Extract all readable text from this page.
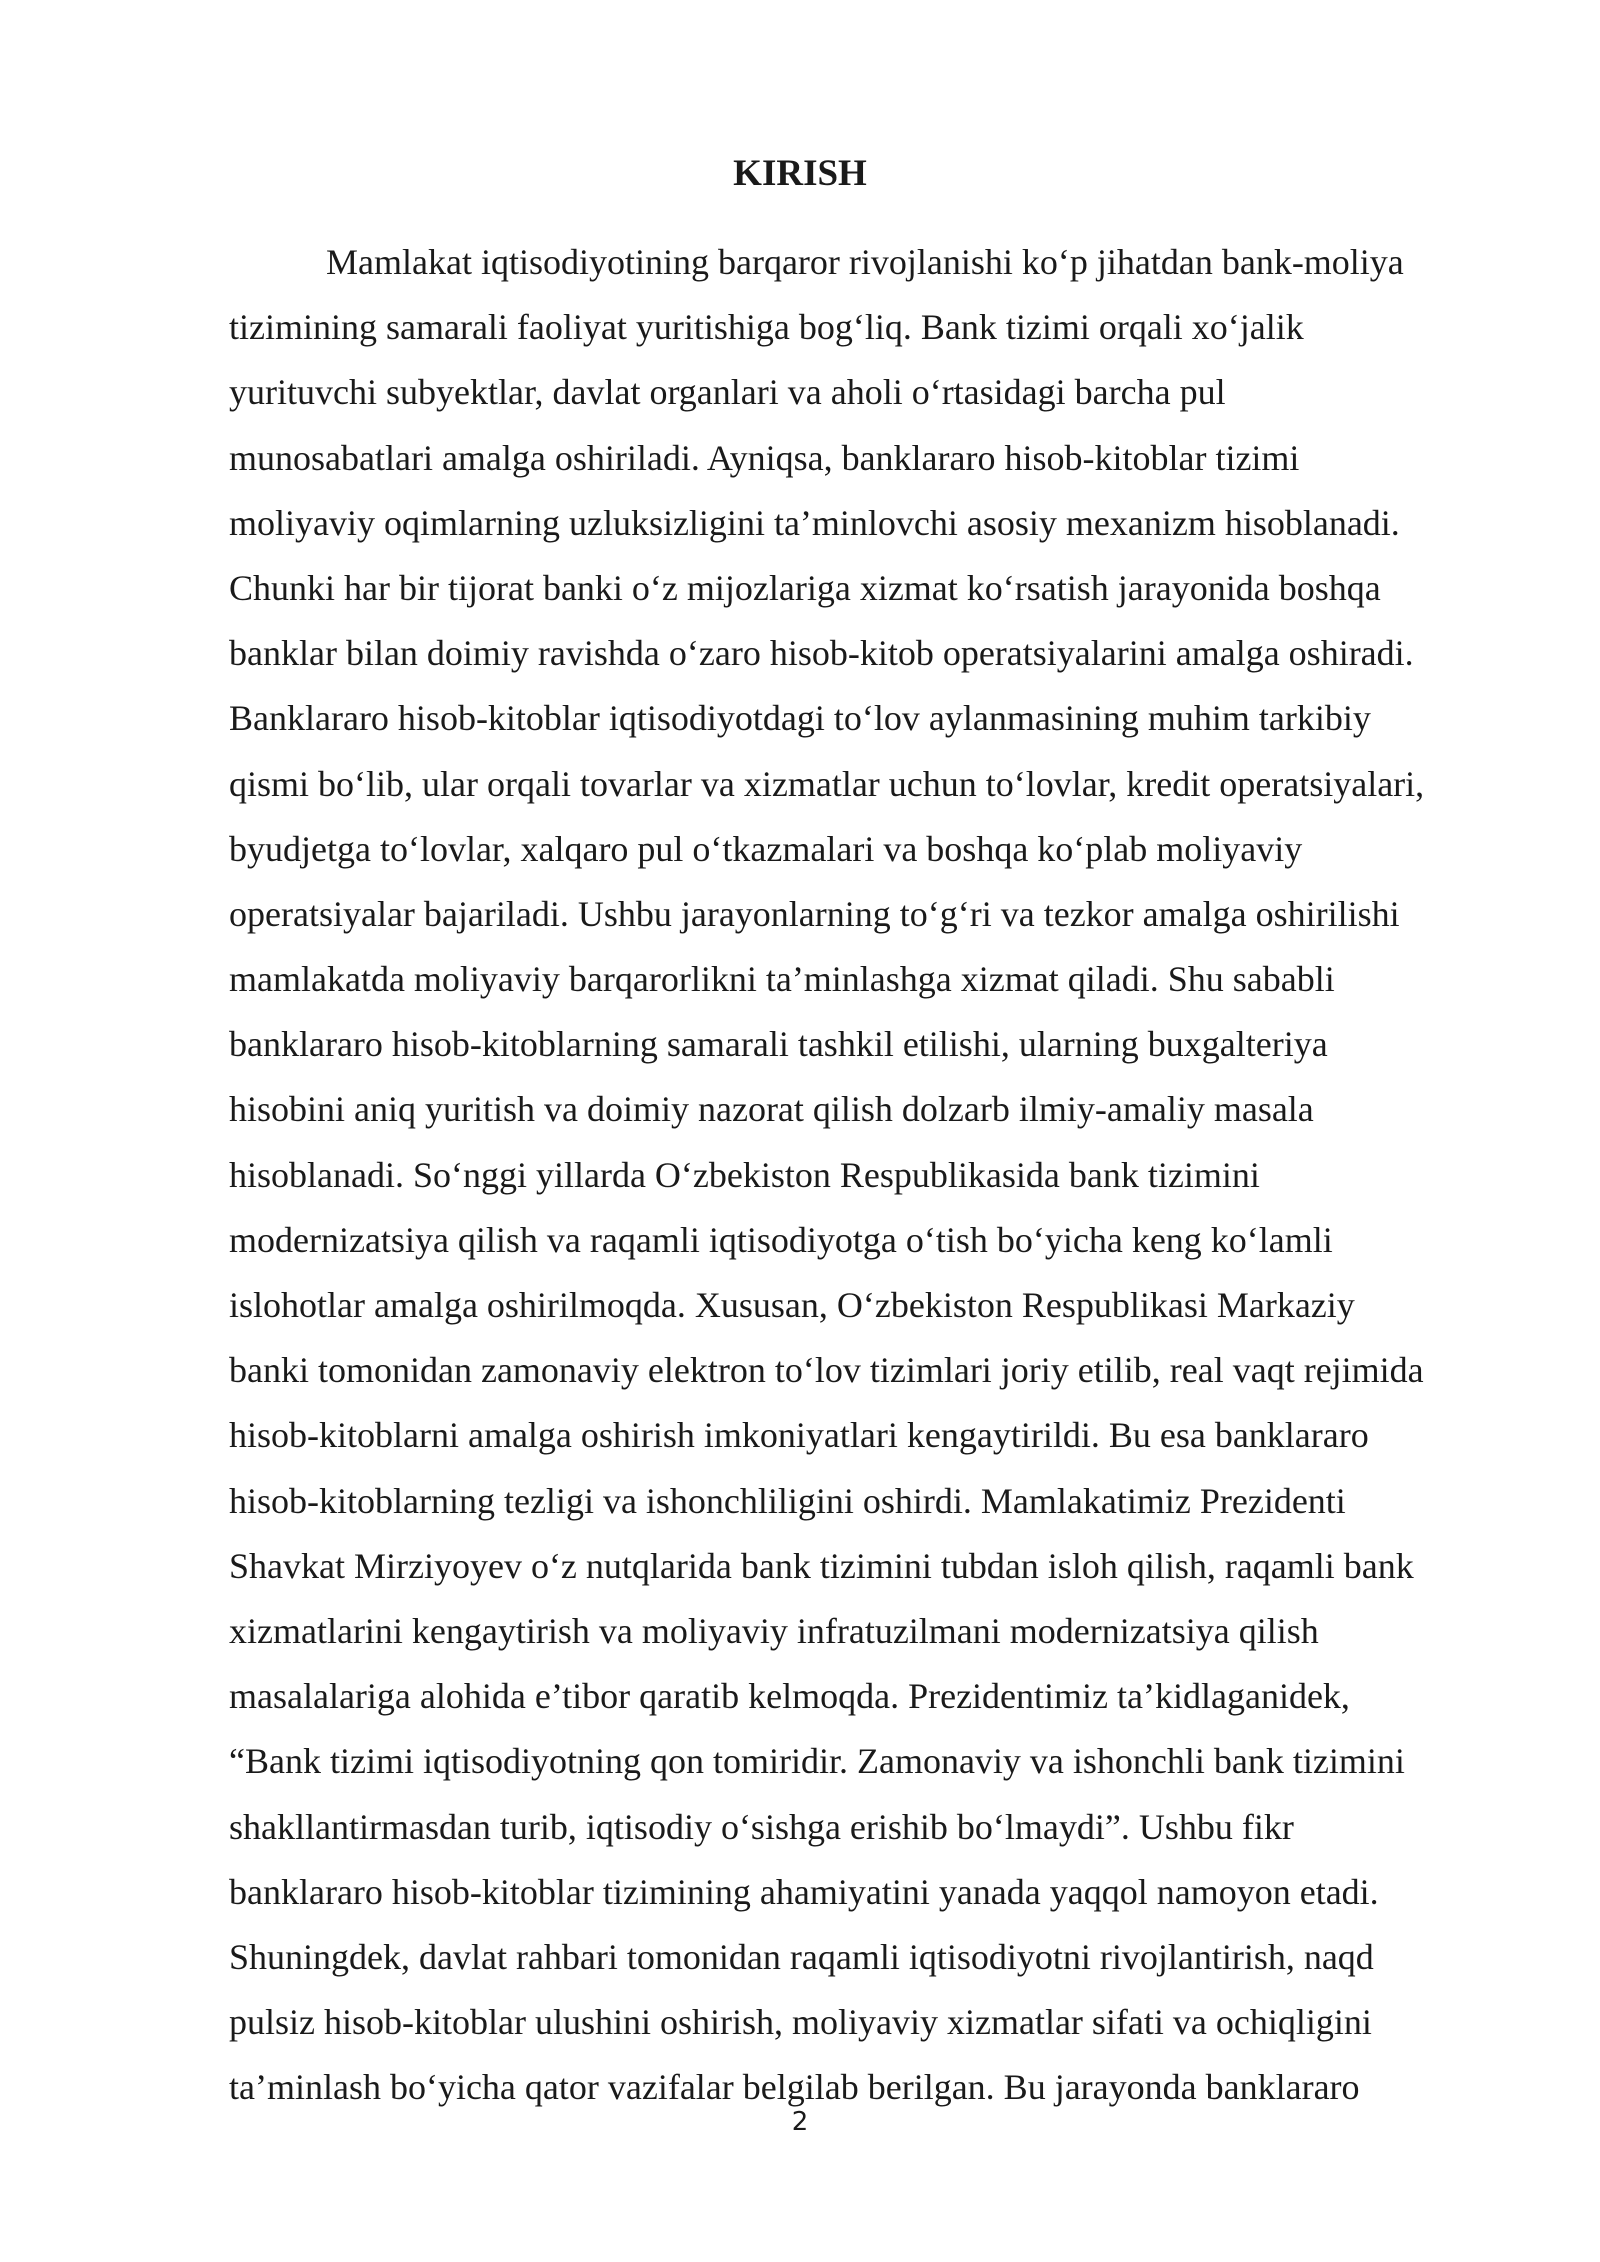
KIRISH
Mamlakat iqtisodiyotining barqaror rivojlanishi ko‘p jihatdan bank-moliya
tizimining samarali faoliyat yuritishiga bog‘liq. Bank tizimi orqali xo‘jalik
yurituvchi subyektlar, davlat organlari va aholi o‘rtasidagi barcha pul
munosabatlari amalga oshiriladi. Ayniqsa, banklararo hisob-kitoblar tizimi
moliyaviy oqimlarning uzluksizligini ta’minlovchi asosiy mexanizm hisoblanadi.
Chunki har bir tijorat banki o‘z mijozlariga xizmat ko‘rsatish jarayonida boshqa
banklar bilan doimiy ravishda o‘zaro hisob-kitob operatsiyalarini amalga oshiradi.
Banklararo hisob-kitoblar iqtisodiyotdagi to‘lov aylanmasining muhim tarkibiy
qismi bo‘lib, ular orqali tovarlar va xizmatlar uchun to‘lovlar, kredit operatsiyalari,
byudjetga to‘lovlar, xalqaro pul o‘tkazmalari va boshqa ko‘plab moliyaviy
operatsiyalar bajariladi. Ushbu jarayonlarning to‘g‘ri va tezkor amalga oshirilishi
mamlakatda moliyaviy barqarorlikni ta’minlashga xizmat qiladi. Shu sababli
banklararo hisob-kitoblarning samarali tashkil etilishi, ularning buxgalteriya
hisobini aniq yuritish va doimiy nazorat qilish dolzarb ilmiy-amaliy masala
hisoblanadi. So‘nggi yillarda O‘zbekiston Respublikasida bank tizimini
modernizatsiya qilish va raqamli iqtisodiyotga o‘tish bo‘yicha keng ko‘lamli
islohotlar amalga oshirilmoqda. Xususan, O‘zbekiston Respublikasi Markaziy
banki tomonidan zamonaviy elektron to‘lov tizimlari joriy etilib, real vaqt rejimida
hisob-kitoblarni amalga oshirish imkoniyatlari kengaytirildi. Bu esa banklararo
hisob-kitoblarning tezligi va ishonchliligini oshirdi. Mamlakatimiz Prezidenti
Shavkat Mirziyoyev o‘z nutqlarida bank tizimini tubdan isloh qilish, raqamli bank
xizmatlarini kengaytirish va moliyaviy infratuzilmani modernizatsiya qilish
masalalariga alohida e’tibor qaratib kelmoqda. Prezidentimiz ta’kidlaganidek,
“Bank tizimi iqtisodiyotning qon tomiridir. Zamonaviy va ishonchli bank tizimini
shakllantirmasdan turib, iqtisodiy o‘sishga erishib bo‘lmaydi”. Ushbu fikr
banklararo hisob-kitoblar tizimining ahamiyatini yanada yaqqol namoyon etadi.
Shuningdek, davlat rahbari tomonidan raqamli iqtisodiyotni rivojlantirish, naqd
pulsiz hisob-kitoblar ulushini oshirish, moliyaviy xizmatlar sifati va ochiqligini
ta’minlash bo‘yicha qator vazifalar belgilab berilgan. Bu jarayonda banklararo
2
